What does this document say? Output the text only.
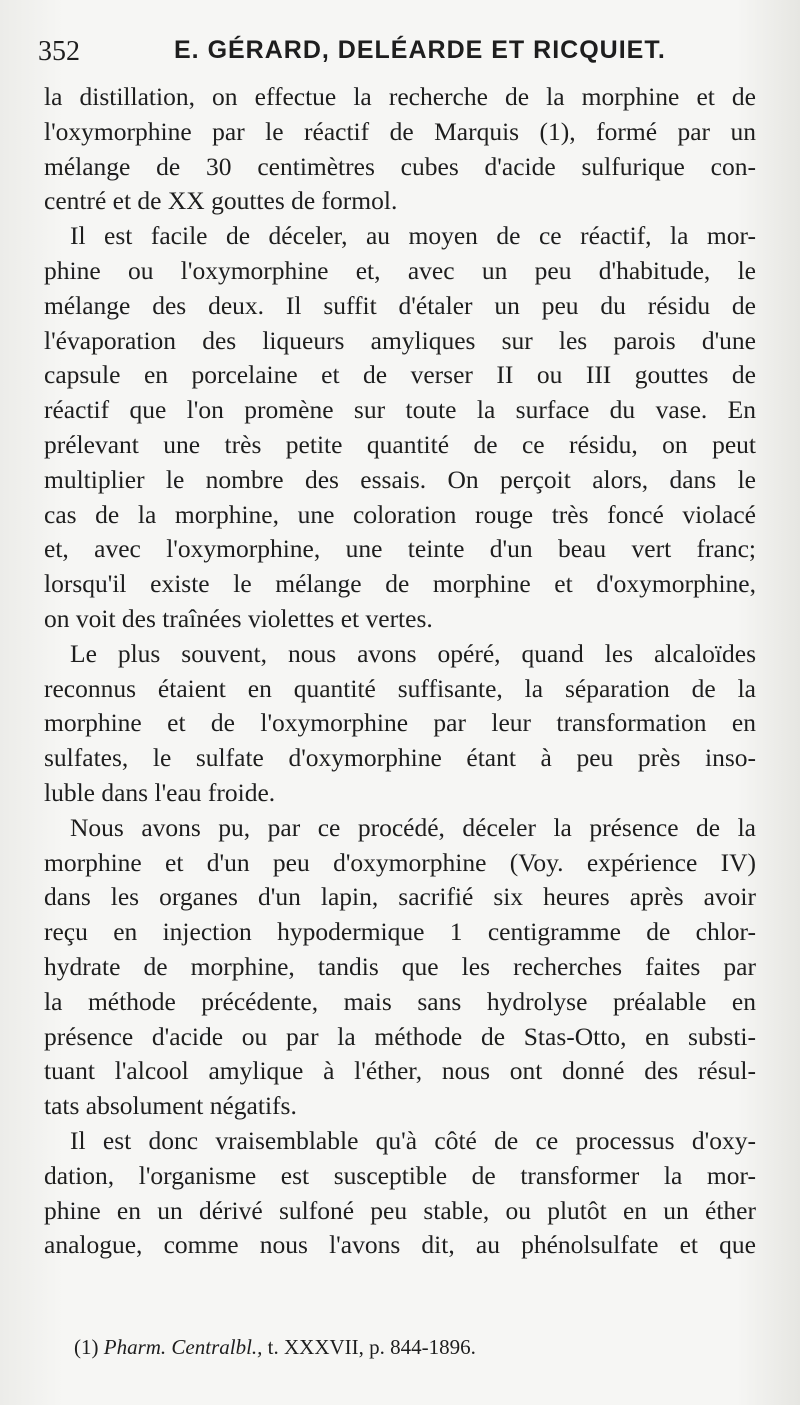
352	E. GÉRARD, DELÉARDE ET RICQUIET.
la distillation, on effectue la recherche de la morphine et de
l'oxymorphine par le réactif de Marquis (1), formé par un
mélange de 30 centimètres cubes d'acide sulfurique con-
centré et de XX gouttes de formol.
Il est facile de déceler, au moyen de ce réactif, la mor-
phine ou l'oxymorphine et, avec un peu d'habitude, le
mélange des deux. Il suffit d'étaler un peu du résidu de
l'évaporation des liqueurs amyliques sur les parois d'une
capsule en porcelaine et de verser II ou III gouttes de
réactif que l'on promène sur toute la surface du vase. En
prélevant une très petite quantité de ce résidu, on peut
multiplier le nombre des essais. On perçoit alors, dans le
cas de la morphine, une coloration rouge très foncé violacé
et, avec l'oxymorphine, une teinte d'un beau vert franc;
lorsqu'il existe le mélange de morphine et d'oxymorphine,
on voit des traînées violettes et vertes.
Le plus souvent, nous avons opéré, quand les alcaloïdes
reconnus étaient en quantité suffisante, la séparation de la
morphine et de l'oxymorphine par leur transformation en
sulfates, le sulfate d'oxymorphine étant à peu près inso-
luble dans l'eau froide.
Nous avons pu, par ce procédé, déceler la présence de la
morphine et d'un peu d'oxymorphine (Voy. expérience IV)
dans les organes d'un lapin, sacrifié six heures après avoir
reçu en injection hypodermique 1 centigramme de chlor-
hydrate de morphine, tandis que les recherches faites par
la méthode précédente, mais sans hydrolyse préalable en
présence d'acide ou par la méthode de Stas-Otto, en substi-
tuant l'alcool amylique à l'éther, nous ont donné des résul-
tats absolument négatifs.
Il est donc vraisemblable qu'à côté de ce processus d'oxy-
dation, l'organisme est susceptible de transformer la mor-
phine en un dérivé sulfoné peu stable, ou plutôt en un éther
analogue, comme nous l'avons dit, au phénolsulfate et que
(1) Pharm. Centralbl., t. XXXVII, p. 844-1896.
